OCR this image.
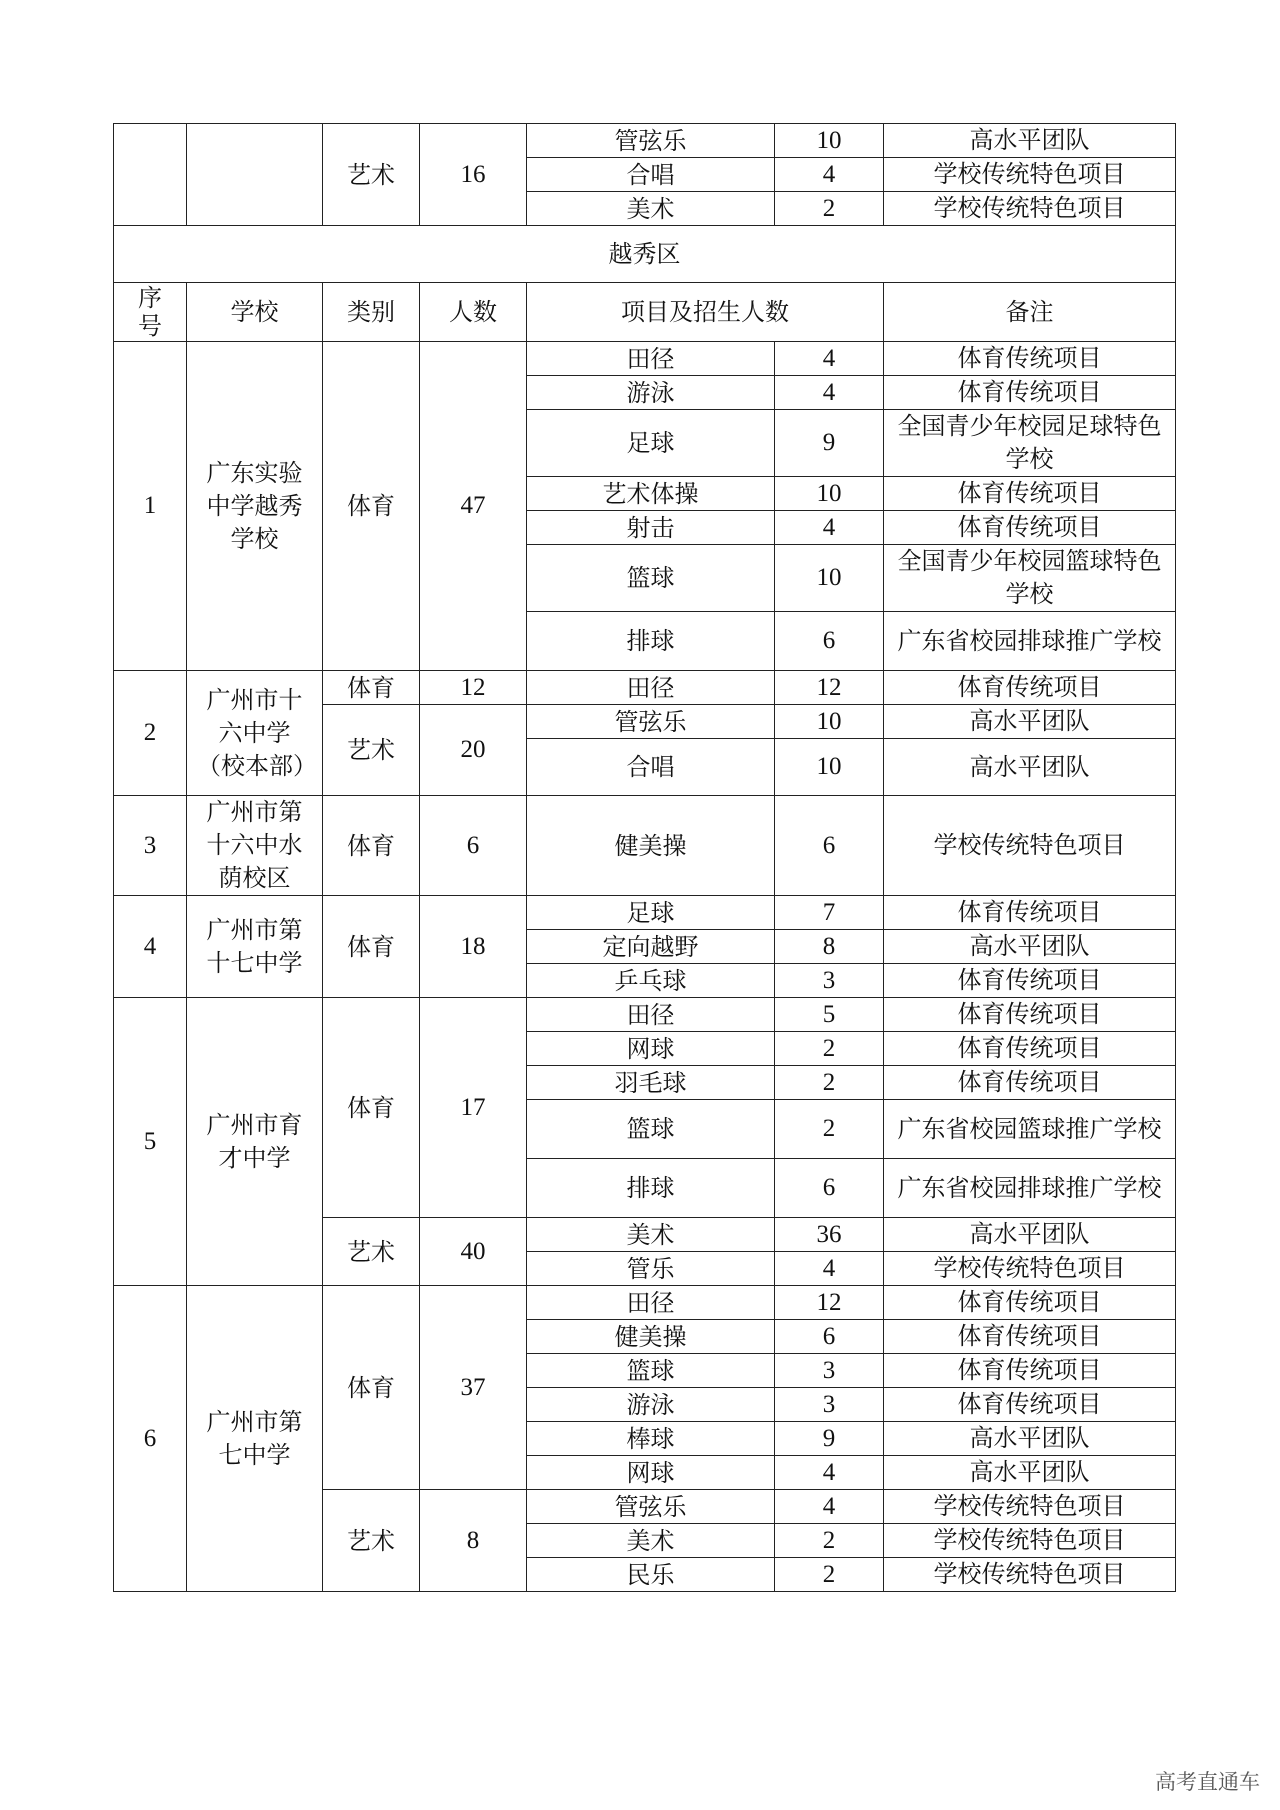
		艺术	16	管弦乐	10	高水平团队
				合唱	4	学校传统特色项目
				美术	2	学校传统特色项目
越秀区						
序号	学校	类别	人数	项目及招生人数		备注
1	广东实验中学越秀学校	体育	47	田径	4	体育传统项目
				游泳	4	体育传统项目
				足球	9	全国青少年校园足球特色学校
				艺术体操	10	体育传统项目
				射击	4	体育传统项目
				篮球	10	全国青少年校园篮球特色学校
				排球	6	广东省校园排球推广学校
2	广州市十六中学（校本部）	体育	12	田径	12	体育传统项目
		艺术	20	管弦乐	10	高水平团队
				合唱	10	高水平团队
3	广州市第十六中水荫校区	体育	6	健美操	6	学校传统特色项目
4	广州市第十七中学	体育	18	足球	7	体育传统项目
				定向越野	8	高水平团队
				乒乓球	3	体育传统项目
5	广州市育才中学	体育	17	田径	5	体育传统项目
				网球	2	体育传统项目
				羽毛球	2	体育传统项目
				篮球	2	广东省校园篮球推广学校
				排球	6	广东省校园排球推广学校
		艺术	40	美术	36	高水平团队
				管乐	4	学校传统特色项目
6	广州市第七中学	体育	37	田径	12	体育传统项目
				健美操	6	体育传统项目
				篮球	3	体育传统项目
				游泳	3	体育传统项目
				棒球	9	高水平团队
				网球	4	高水平团队
		艺术	8	管弦乐	4	学校传统特色项目
				美术	2	学校传统特色项目
				民乐	2	学校传统特色项目
高考直通车
